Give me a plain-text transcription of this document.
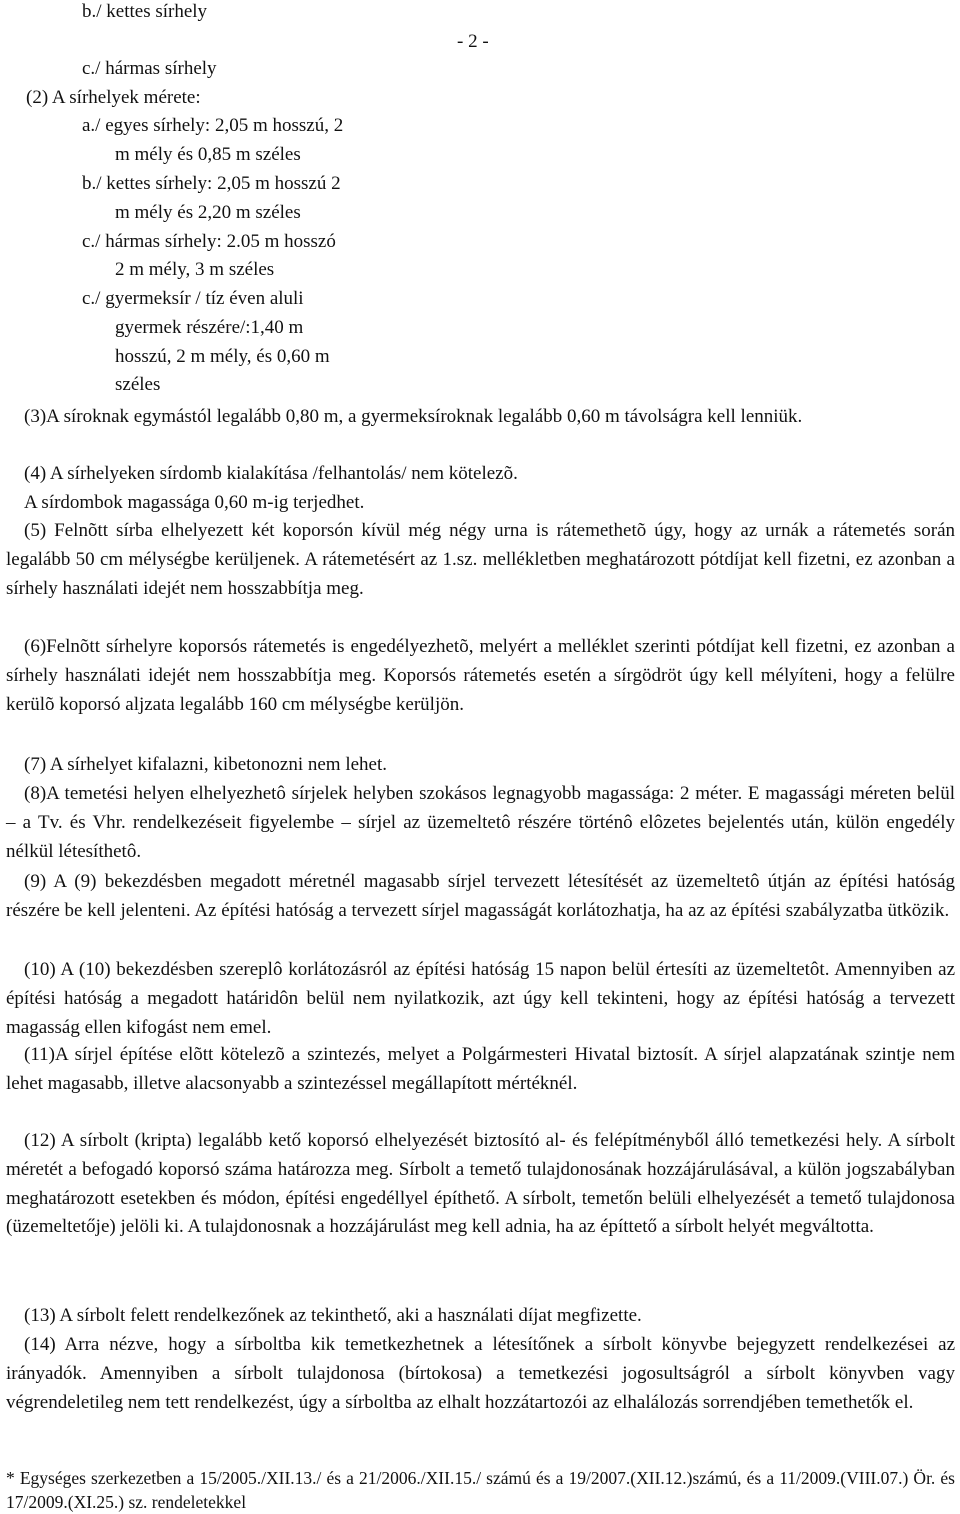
- 2 -
b./ kettes sírhely
c./ hármas sírhely
(2) A sírhelyek mérete:
a./ egyes sírhely: 2,05 m hosszú, 2
m mély és 0,85 m széles
b./ kettes sírhely: 2,05 m hosszú 2
m mély és 2,20 m széles
c./ hármas sírhely: 2.05 m hosszó
2 m mély, 3 m széles
c./ gyermeksír / tíz éven aluli
gyermek részére/:1,40 m
hosszú, 2 m mély, és 0,60 m
széles
(3)A síroknak egymástól legalább 0,80 m, a gyermeksíroknak legalább 0,60 m távolságra kell lenniük.
(4) A sírhelyeken sírdomb kialakítása /felhantolás/ nem kötelezõ.
A sírdombok magassága 0,60 m-ig terjedhet.
(5) Felnõtt sírba elhelyezett két koporsón kívül még négy urna is rátemethetõ úgy, hogy az urnák a rátemetés során legalább 50 cm mélységbe kerüljenek. A rátemetésért az 1.sz. mellékletben meghatározott pótdíjat kell fizetni, ez azonban a sírhely használati idejét nem hosszabbítja meg.
(6)Felnõtt sírhelyre koporsós rátemetés is engedélyezhetõ, melyért a melléklet szerinti pótdíjat kell fizetni, ez azonban a sírhely használati idejét nem hosszabbítja meg. Koporsós rátemetés esetén a sírgödröt úgy kell mélyíteni, hogy a felülre kerülõ koporsó aljzata legalább 160 cm mélységbe kerüljön.
(7) A sírhelyet kifalazni, kibetonozni nem lehet.
(8)A temetési helyen elhelyezhetô sírjelek helyben szokásos legnagyobb magassága: 2 méter. E magassági méreten belül – a Tv. és Vhr. rendelkezéseit figyelembe – sírjel az üzemeltetô részére történô elôzetes bejelentés után, külön engedély nélkül létesíthetô.
(9) A (9) bekezdésben megadott méretnél magasabb sírjel tervezett létesítését az üzemeltetô útján az építési hatóság részére be kell jelenteni. Az építési hatóság a tervezett sírjel magasságát korlátozhatja, ha az az építési szabályzatba ütközik.
(10) A (10) bekezdésben szereplô korlátozásról az építési hatóság 15 napon belül értesíti az üzemeltetôt. Amennyiben az építési hatóság a megadott határidôn belül nem nyilatkozik, azt úgy kell tekinteni, hogy az építési hatóság a tervezett magasság ellen kifogást nem emel.
(11)A sírjel építése elõtt kötelezõ a szintezés, melyet a Polgármesteri Hivatal biztosít. A sírjel alapzatának szintje nem lehet magasabb, illetve alacsonyabb a szintezéssel megállapított mértéknél.
(12) A sírbolt (kripta) legalább kető koporsó elhelyezését biztosító al- és felépítményből álló temetkezési hely. A sírbolt méretét a befogadó koporsó száma határozza meg. Sírbolt a temető tulajdonosának hozzájárulásával, a külön jogszabályban meghatározott esetekben és módon, építési engedéllyel építhető. A sírbolt, temetőn belüli elhelyezését a temető tulajdonosa (üzemeltetője) jelöli ki. A tulajdonosnak a hozzájárulást meg kell adnia, ha az építtető a sírbolt helyét megváltotta.
(13) A sírbolt felett rendelkezőnek az tekinthető, aki a használati díjat megfizette.
(14) Arra nézve, hogy a sírboltba kik temetkezhetnek a létesítőnek a sírbolt könyvbe bejegyzett rendelkezései az irányadók. Amennyiben a sírbolt tulajdonosa (bírtokosa) a temetkezési jogosultságról a sírbolt könyvben vagy végrendeletileg nem tett rendelkezést, úgy a sírboltba az elhalt hozzátartozói az elhalálozás sorrendjében temethetők el.
* Egységes szerkezetben a 15/2005./XII.13./ és a 21/2006./XII.15./ számú és a 19/2007.(XII.12.)számú, és a 11/2009.(VIII.07.) Ör. és 17/2009.(XI.25.) sz. rendeletekkel
